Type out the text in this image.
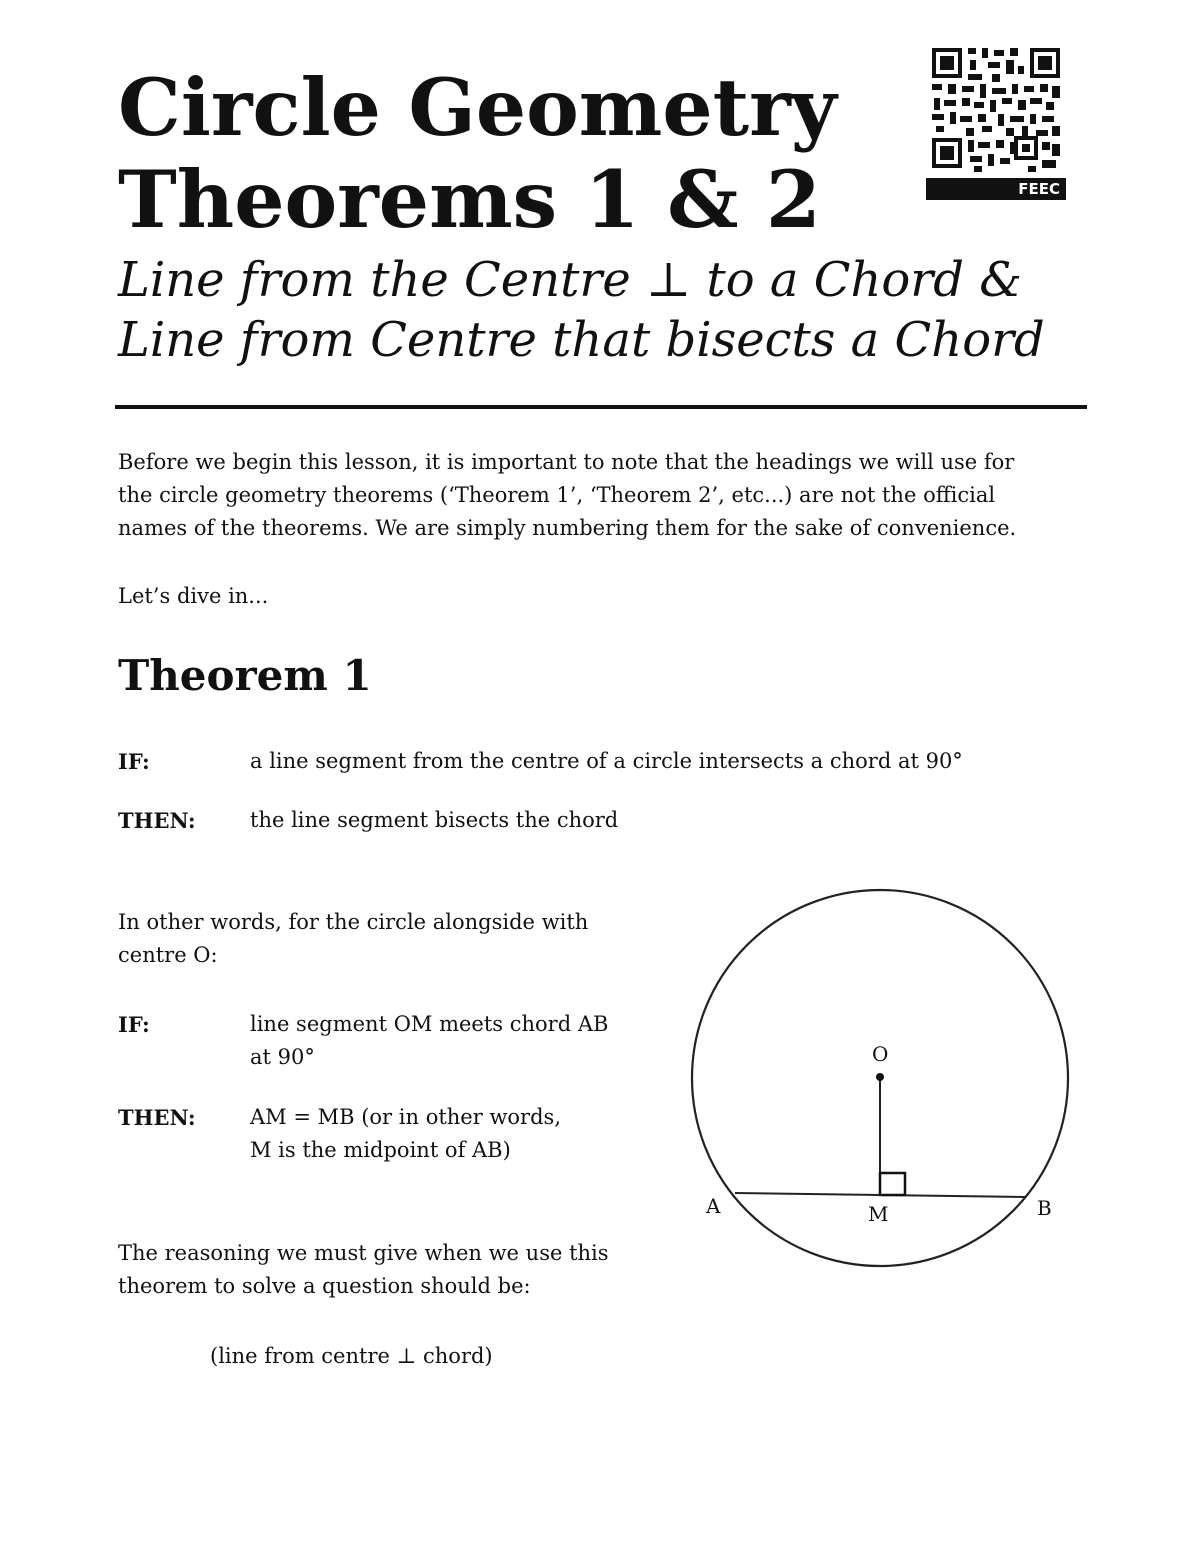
Circle Geometry
Theorems 1 & 2	FEEC
Line from the Centre ⊥ to a Chord &
Line from Centre that bisects a Chord
Before we begin this lesson, it is important to note that the headings we will use for
the circle geometry theorems (‘Theorem 1’, ‘Theorem 2’, etc...) are not the official
names of the theorems. We are simply numbering them for the sake of convenience.
Let’s dive in...
Theorem 1
IF:	a line segment from the centre of a circle intersects a chord at 90°
THEN:	the line segment bisects the chord
In other words, for the circle alongside with
centre O:
IF:	line segment OM meets chord AB
at 90°
THEN:	AM = MB (or in other words,
M is the midpoint of AB)
The reasoning we must give when we use this
theorem to solve a question should be:
(line from centre ⊥ chord)
O
A	M	B
